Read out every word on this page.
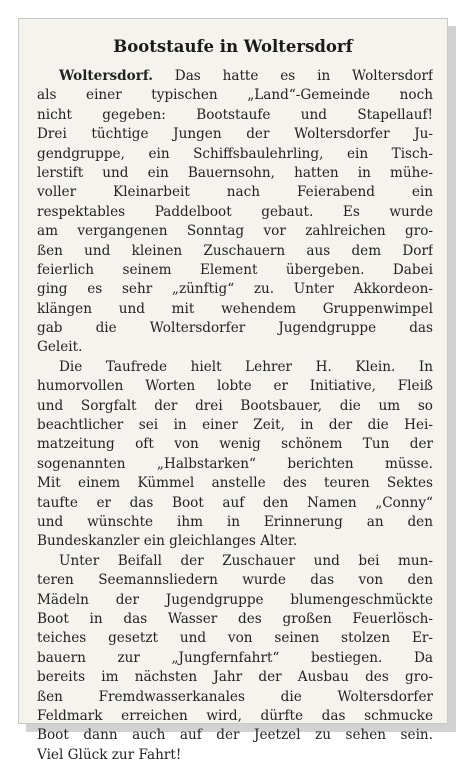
Bootstaufe in Woltersdorf
Woltersdorf. Das hatte es in Woltersdorf
als einer typischen „Land“-Gemeinde noch
nicht gegeben: Bootstaufe und Stapellauf!
Drei tüchtige Jungen der Woltersdorfer Ju-
gendgruppe, ein Schiffsbaulehrling, ein Tisch-
lerstift und ein Bauernsohn, hatten in mühe-
voller Kleinarbeit nach Feierabend ein
respektables Paddelboot gebaut. Es wurde
am vergangenen Sonntag vor zahlreichen gro-
ßen und kleinen Zuschauern aus dem Dorf
feierlich seinem Element übergeben. Dabei
ging es sehr „zünftig“ zu. Unter Akkordeon-
klängen und mit wehendem Gruppenwimpel
gab die Woltersdorfer Jugendgruppe das
Geleit.
Die Taufrede hielt Lehrer H. Klein. In
humorvollen Worten lobte er Initiative, Fleiß
und Sorgfalt der drei Bootsbauer, die um so
beachtlicher sei in einer Zeit, in der die Hei-
matzeitung oft von wenig schönem Tun der
sogenannten „Halbstarken“ berichten müsse.
Mit einem Kümmel anstelle des teuren Sektes
taufte er das Boot auf den Namen „Conny“
und wünschte ihm in Erinnerung an den
Bundeskanzler ein gleichlanges Alter.
Unter Beifall der Zuschauer und bei mun-
teren Seemannsliedern wurde das von den
Mädeln der Jugendgruppe blumengeschmückte
Boot in das Wasser des großen Feuerlösch-
teiches gesetzt und von seinen stolzen Er-
bauern zur „Jungfernfahrt“ bestiegen. Da
bereits im nächsten Jahr der Ausbau des gro-
ßen Fremdwasserkanales die Woltersdorfer
Feldmark erreichen wird, dürfte das schmucke
Boot dann auch auf der Jeetzel zu sehen sein.
Viel Glück zur Fahrt!
